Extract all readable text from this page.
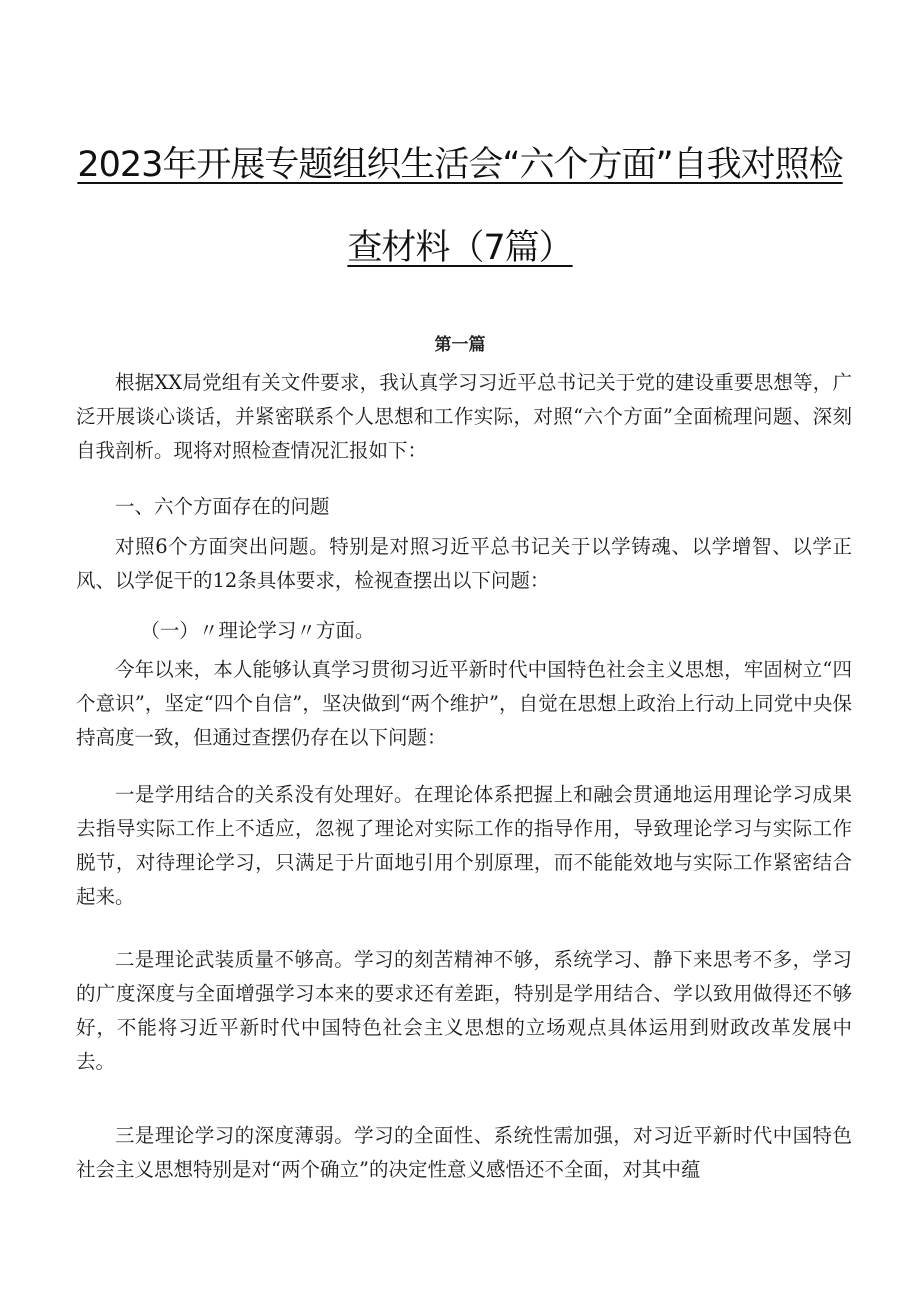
2023年开展专题组织生活会“六个方面”自我对照检
查材料（7篇）
第一篇

根据XX局党组有关文件要求，我认真学习习近平总书记关于党的建设重要思想等，广泛开展谈心谈话，并紧密联系个人思想和工作实际，对照“六个方面”全面梳理问题、深刻自我剖析。现将对照检查情况汇报如下：

一、六个方面存在的问题

对照6个方面突出问题。特别是对照习近平总书记关于以学铸魂、以学增智、以学正风、以学促干的12条具体要求，检视查摆出以下问题：

（一）〃理论学习〃方面。

今年以来，本人能够认真学习贯彻习近平新时代中国特色社会主义思想，牢固树立“四个意识”，坚定“四个自信”，坚决做到“两个维护”，自觉在思想上政治上行动上同党中央保持高度一致，但通过查摆仍存在以下问题：

一是学用结合的关系没有处理好。在理论体系把握上和融会贯通地运用理论学习成果去指导实际工作上不适应，忽视了理论对实际工作的指导作用，导致理论学习与实际工作脱节，对待理论学习，只满足于片面地引用个别原理，而不能能效地与实际工作紧密结合起来。

二是理论武装质量不够高。学习的刻苦精神不够，系统学习、静下来思考不多，学习的广度深度与全面增强学习本来的要求还有差距，特别是学用结合、学以致用做得还不够好，不能将习近平新时代中国特色社会主义思想的立场观点具体运用到财政改革发展中去。

三是理论学习的深度薄弱。学习的全面性、系统性需加强，对习近平新时代中国特色社会主义思想特别是对“两个确立”的决定性意义感悟还不全面，对其中蕴
